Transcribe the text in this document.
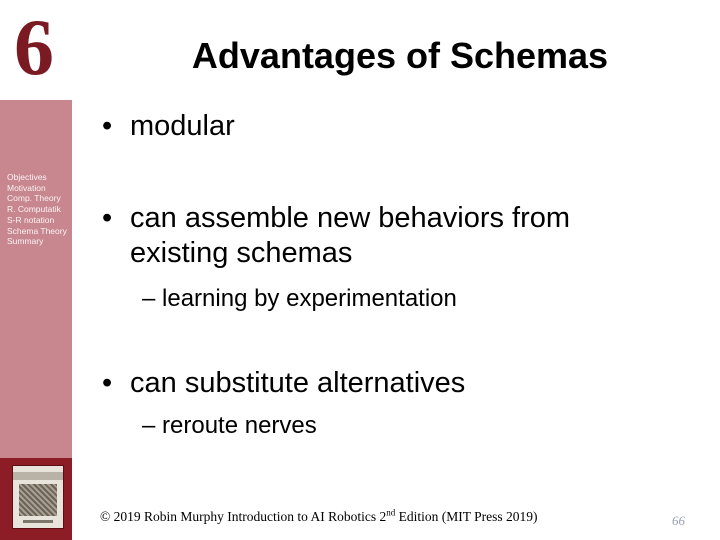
6
Objectives
Motivation
Comp. Theory
R. Computatik
S-R notation
Schema Theory
Summary
Advantages of Schemas
• modular
• can assemble new behaviors from
existing schemas
– learning by experimentation
• can substitute alternatives
– reroute nerves
© 2019 Robin Murphy Introduction to AI Robotics 2nd Edition (MIT Press 2019)	66
